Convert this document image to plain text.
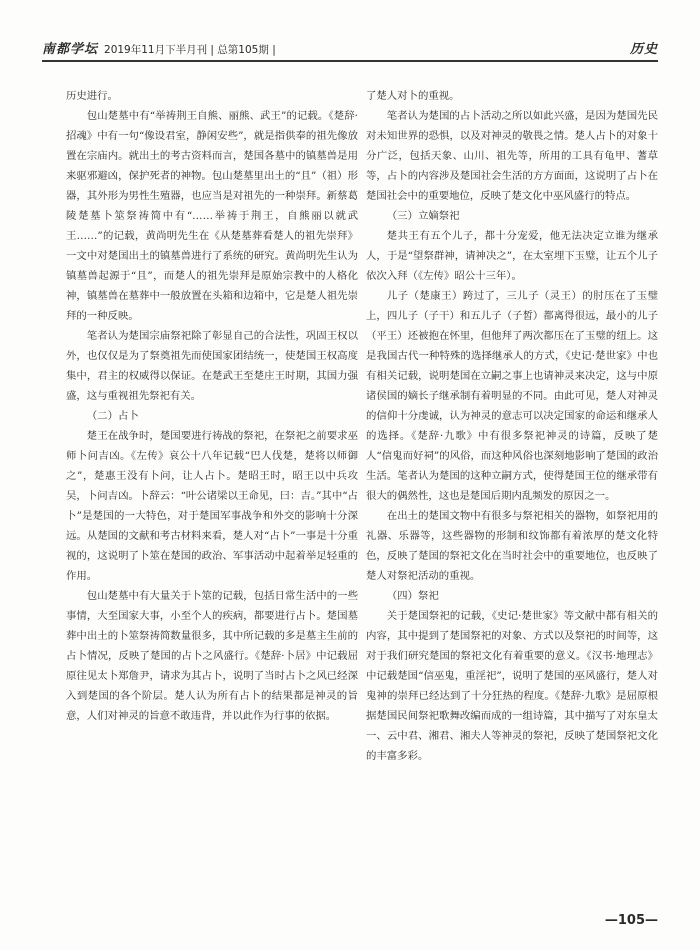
南都学坛 2019年11月下半月刊 | 总第105期 |	历史

历史进行。

包山楚墓中有“举祷荆王自熊、丽熊、武王”的记载。《楚辞·招魂》中有一句“像设君室，静闲安些”，就是指供奉的祖先像放置在宗庙内。就出土的考古资料而言，楚国各墓中的镇墓兽是用来驱邪避凶，保护死者的神物。包山楚墓里出土的“且”（祖）形器，其外形为男性生殖器，也应当是对祖先的一种崇拜。新蔡葛陵楚墓卜筮祭祷简中有“……举祷于荆王，自熊丽以就武王……”的记载，黄尚明先生在《从楚墓葬看楚人的祖先崇拜》一文中对楚国出土的镇墓兽进行了系统的研究。黄尚明先生认为镇墓兽起源于“且”，而楚人的祖先崇拜是原始宗教中的人格化神，镇墓兽在墓葬中一般放置在头箱和边箱中，它是楚人祖先崇拜的一种反映。

笔者认为楚国宗庙祭祀除了彰显自己的合法性，巩固王权以外，也仅仅是为了祭奠祖先而使国家团结统一，使楚国王权高度集中，君主的权威得以保证。在楚武王至楚庄王时期，其国力强盛，这与重视祖先祭祀有关。

（二）占卜

楚王在战争时，楚国要进行祷战的祭祀，在祭祀之前要求巫师卜问吉凶。《左传》哀公十八年记载“巴人伐楚，楚将以师御之”，楚惠王没有卜问，让人占卜。楚昭王时，昭王以中兵攻吴，卜问吉凶。卜辞云：“叶公诸梁以王命见，曰：吉。”其中“占卜”是楚国的一大特色，对于楚国军事战争和外交的影响十分深远。从楚国的文献和考古材料来看，楚人对“占卜”一事是十分重视的，这说明了卜筮在楚国的政治、军事活动中起着举足轻重的作用。

包山楚墓中有大量关于卜筮的记载，包括日常生活中的一些事情，大至国家大事，小至个人的疾病，都要进行占卜。楚国墓葬中出土的卜筮祭祷简数量很多，其中所记载的多是墓主生前的占卜情况，反映了楚国的占卜之风盛行。《楚辞·卜居》中记载屈原往见太卜郑詹尹，请求为其占卜，说明了当时占卜之风已经深入到楚国的各个阶层。楚人认为所有占卜的结果都是神灵的旨意，人们对神灵的旨意不敢违背，并以此作为行事的依据。

了楚人对卜的重视。

笔者认为楚国的占卜活动之所以如此兴盛，是因为楚国先民对未知世界的恐惧，以及对神灵的敬畏之情。楚人占卜的对象十分广泛，包括天象、山川、祖先等，所用的工具有龟甲、蓍草等，占卜的内容涉及楚国社会生活的方方面面，这说明了占卜在楚国社会中的重要地位，反映了楚文化中巫风盛行的特点。

（三）立嫡祭祀

楚共王有五个儿子，都十分宠爱，他无法决定立谁为继承人，于是“望祭群神，请神决之”，在太室埋下玉璧，让五个儿子依次入拜（《左传》昭公十三年）。

儿子（楚康王）跨过了，三儿子（灵王）的肘压在了玉璧上，四儿子（子干）和五儿子（子皙）都离得很远，最小的儿子（平王）还被抱在怀里，但他拜了两次都压在了玉璧的纽上。这是我国古代一种特殊的选择继承人的方式，《史记·楚世家》中也有相关记载，说明楚国在立嗣之事上也请神灵来决定，这与中原诸侯国的嫡长子继承制有着明显的不同。由此可见，楚人对神灵的信仰十分虔诚，认为神灵的意志可以决定国家的命运和继承人的选择。《楚辞·九歌》中有很多祭祀神灵的诗篇，反映了楚人“信鬼而好祠”的风俗，而这种风俗也深刻地影响了楚国的政治生活。笔者认为楚国的这种立嗣方式，使得楚国王位的继承带有很大的偶然性，这也是楚国后期内乱频发的原因之一。

在出土的楚国文物中有很多与祭祀相关的器物，如祭祀用的礼器、乐器等，这些器物的形制和纹饰都有着浓厚的楚文化特色，反映了楚国的祭祀文化在当时社会中的重要地位，也反映了楚人对祭祀活动的重视。

（四）祭祀

关于楚国祭祀的记载，《史记·楚世家》等文献中都有相关的内容，其中提到了楚国祭祀的对象、方式以及祭祀的时间等，这对于我们研究楚国的祭祀文化有着重要的意义。《汉书·地理志》中记载楚国“信巫鬼，重淫祀”，说明了楚国的巫风盛行，楚人对鬼神的崇拜已经达到了十分狂热的程度。《楚辞·九歌》是屈原根据楚国民间祭祀歌舞改编而成的一组诗篇，其中描写了对东皇太一、云中君、湘君、湘夫人等神灵的祭祀，反映了楚国祭祀文化的丰富多彩。

—105—
